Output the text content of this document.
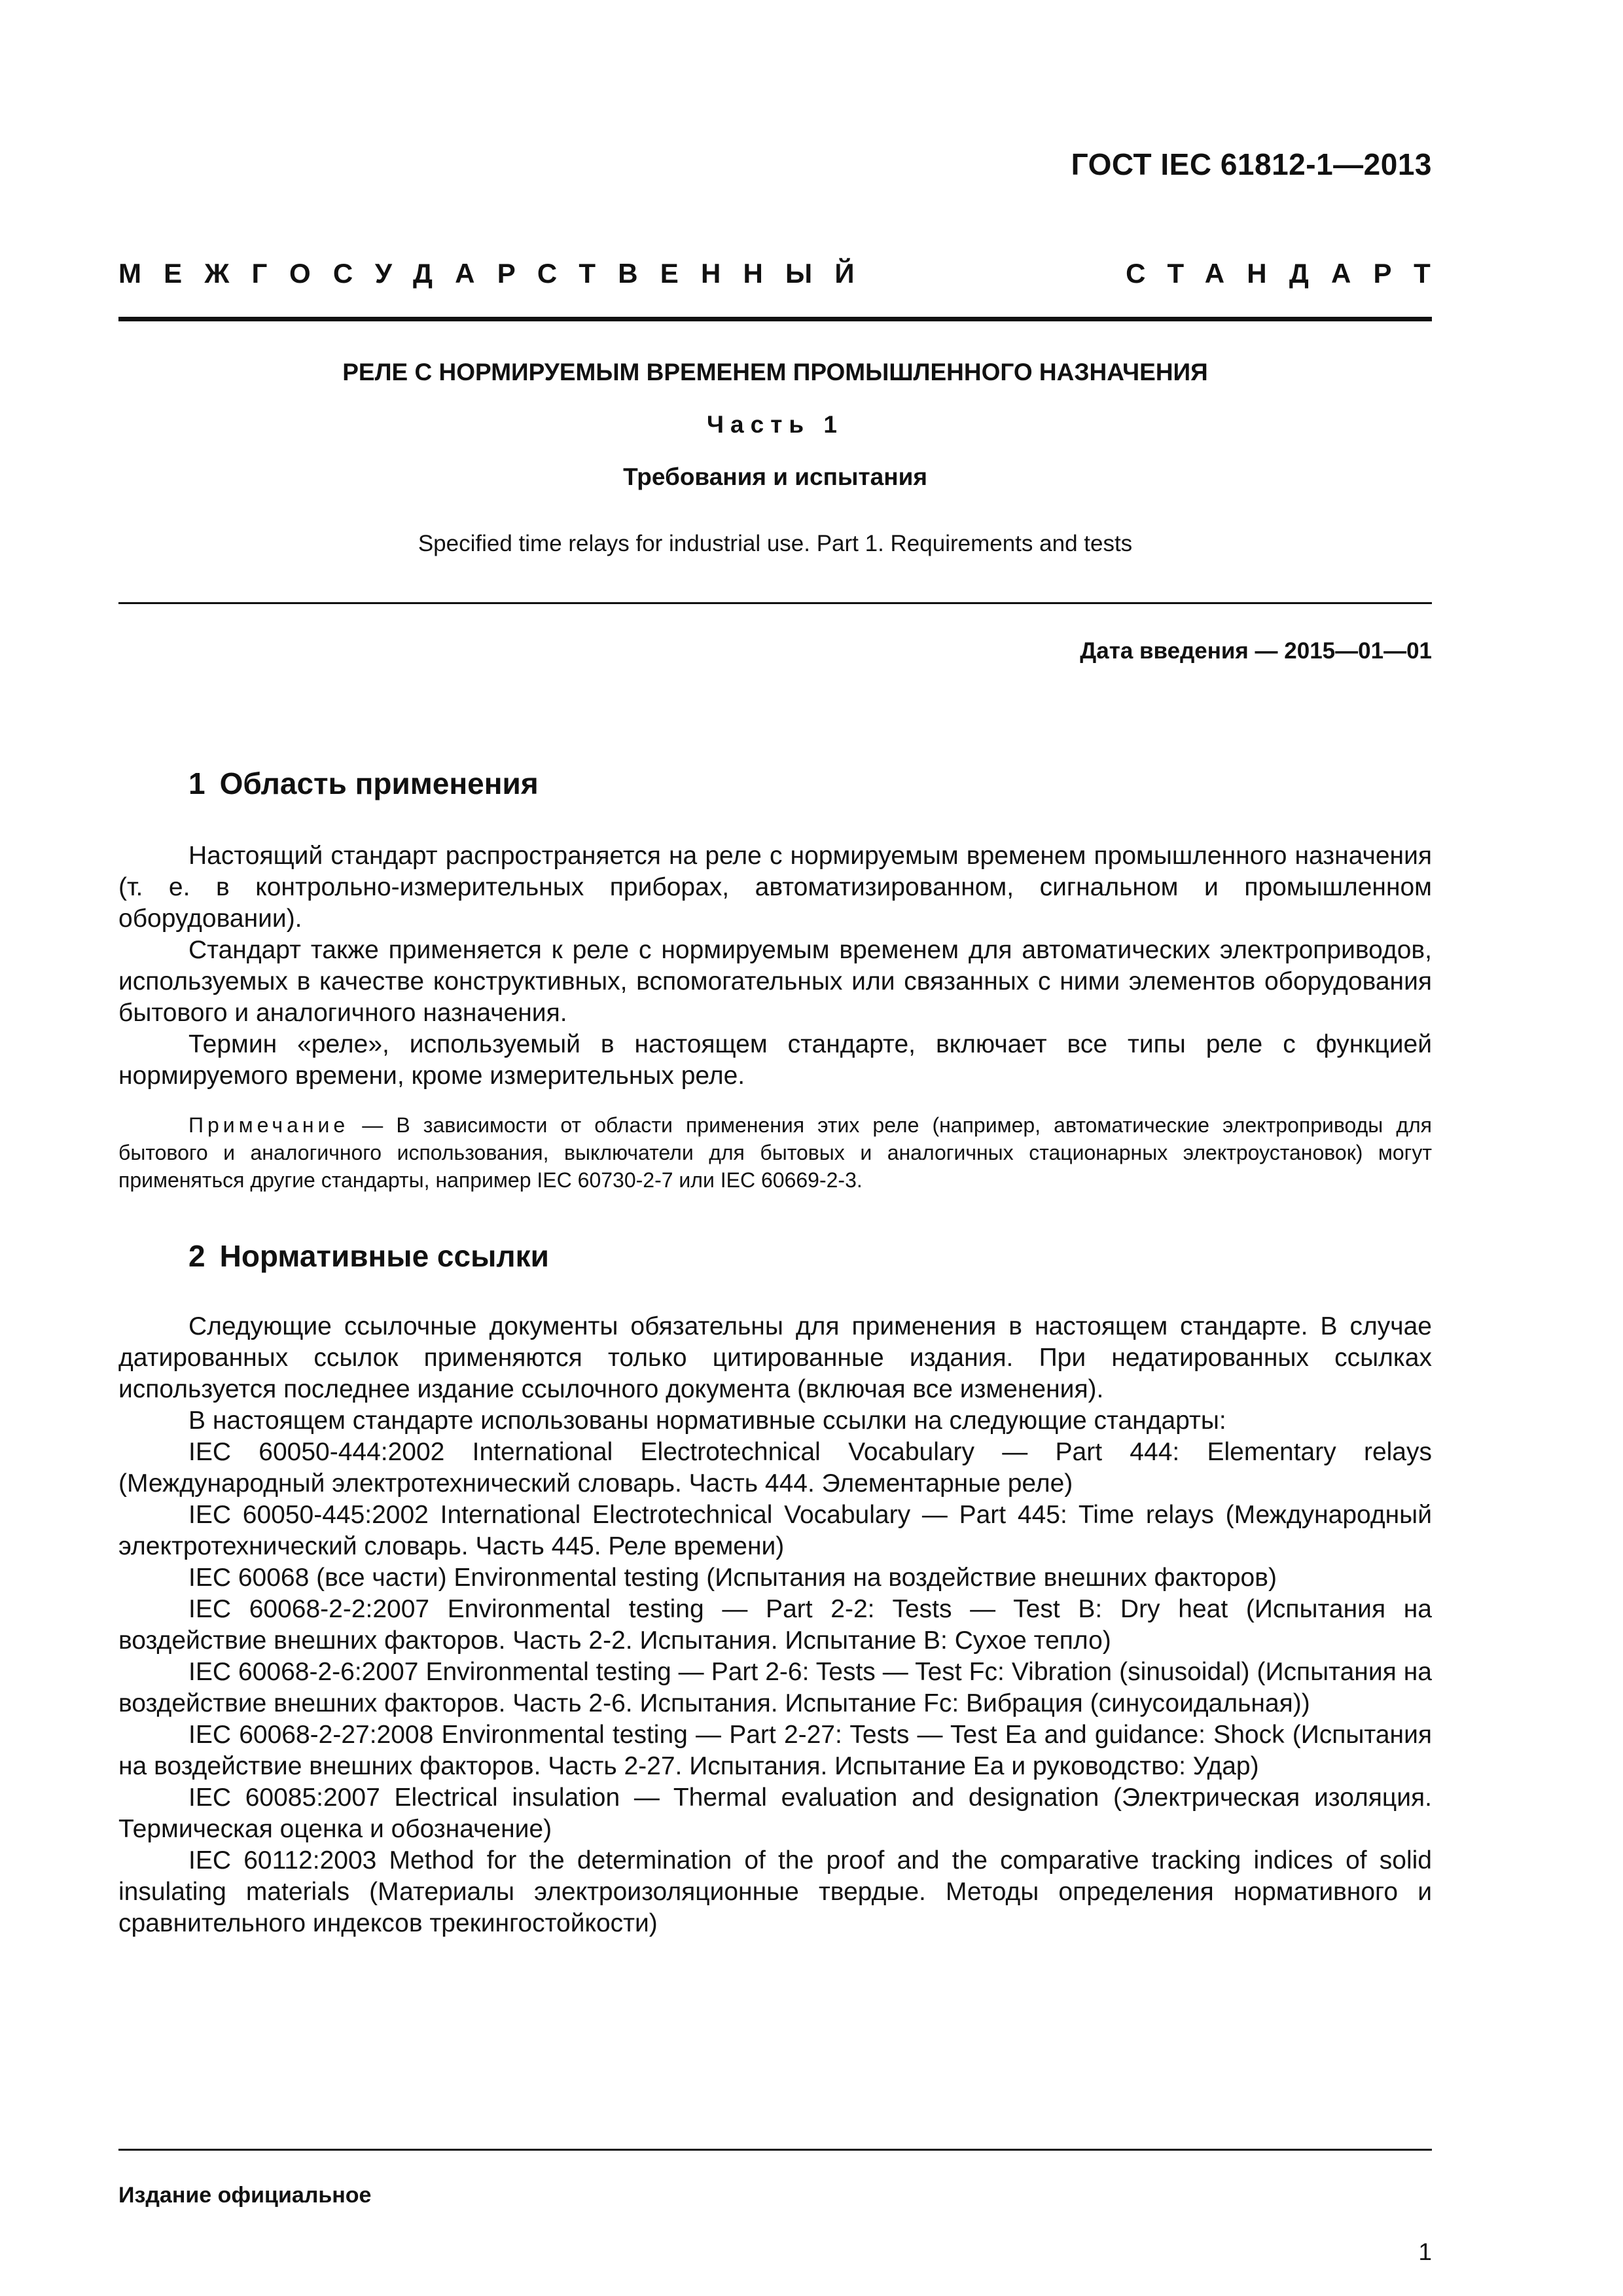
ГОСТ IEC 61812-1—2013
МЕЖГОСУДАРСТВЕННЫЙ	СТАНДАРТ
РЕЛЕ С НОРМИРУЕМЫМ ВРЕМЕНЕМ ПРОМЫШЛЕННОГО НАЗНАЧЕНИЯ
Часть 1
Требования и испытания
Specified time relays for industrial use. Part 1. Requirements and tests
Дата введения — 2015—01—01
1 Область применения

Настоящий стандарт распространяется на реле с нормируемым временем промышленного назначения (т. е. в контрольно-измерительных приборах, автоматизированном, сигнальном и промышленном оборудовании).

Стандарт также применяется к реле с нормируемым временем для автоматических электроприводов, используемых в качестве конструктивных, вспомогательных или связанных с ними элементов оборудования бытового и аналогичного назначения.

Термин «реле», используемый в настоящем стандарте, включает все типы реле с функцией нормируемого времени, кроме измерительных реле.

Примечание — В зависимости от области применения этих реле (например, автоматические электроприводы для бытового и аналогичного использования, выключатели для бытовых и аналогичных стационарных электроустановок) могут применяться другие стандарты, например IEC 60730-2-7 или IEC 60669-2-3.

2 Нормативные ссылки

Следующие ссылочные документы обязательны для применения в настоящем стандарте. В случае датированных ссылок применяются только цитированные издания. При недатированных ссылках используется последнее издание ссылочного документа (включая все изменения).

В настоящем стандарте использованы нормативные ссылки на следующие стандарты:

IEC 60050-444:2002 International Electrotechnical Vocabulary — Part 444: Elementary relays (Международный электротехнический словарь. Часть 444. Элементарные реле)

IEC 60050-445:2002 International Electrotechnical Vocabulary — Part 445: Time relays (Международный электротехнический словарь. Часть 445. Реле времени)

IEC 60068 (все части) Environmental testing (Испытания на воздействие внешних факторов)

IEC 60068-2-2:2007 Environmental testing — Part 2-2: Tests — Test B: Dry heat (Испытания на воздействие внешних факторов. Часть 2-2. Испытания. Испытание B: Сухое тепло)

IEC 60068-2-6:2007 Environmental testing — Part 2-6: Tests — Test Fc: Vibration (sinusoidal) (Испытания на воздействие внешних факторов. Часть 2-6. Испытания. Испытание Fc: Вибрация (синусоидальная))

IEC 60068-2-27:2008 Environmental testing — Part 2-27: Tests — Test Ea and guidance: Shock (Испытания на воздействие внешних факторов. Часть 2-27. Испытания. Испытание Ea и руководство: Удар)

IEC 60085:2007 Electrical insulation — Thermal evaluation and designation (Электрическая изоляция. Термическая оценка и обозначение)

IEC 60112:2003 Method for the determination of the proof and the comparative tracking indices of solid insulating materials (Материалы электроизоляционные твердые. Методы определения нормативного и сравнительного индексов трекингостойкости)

Издание официальное
1
